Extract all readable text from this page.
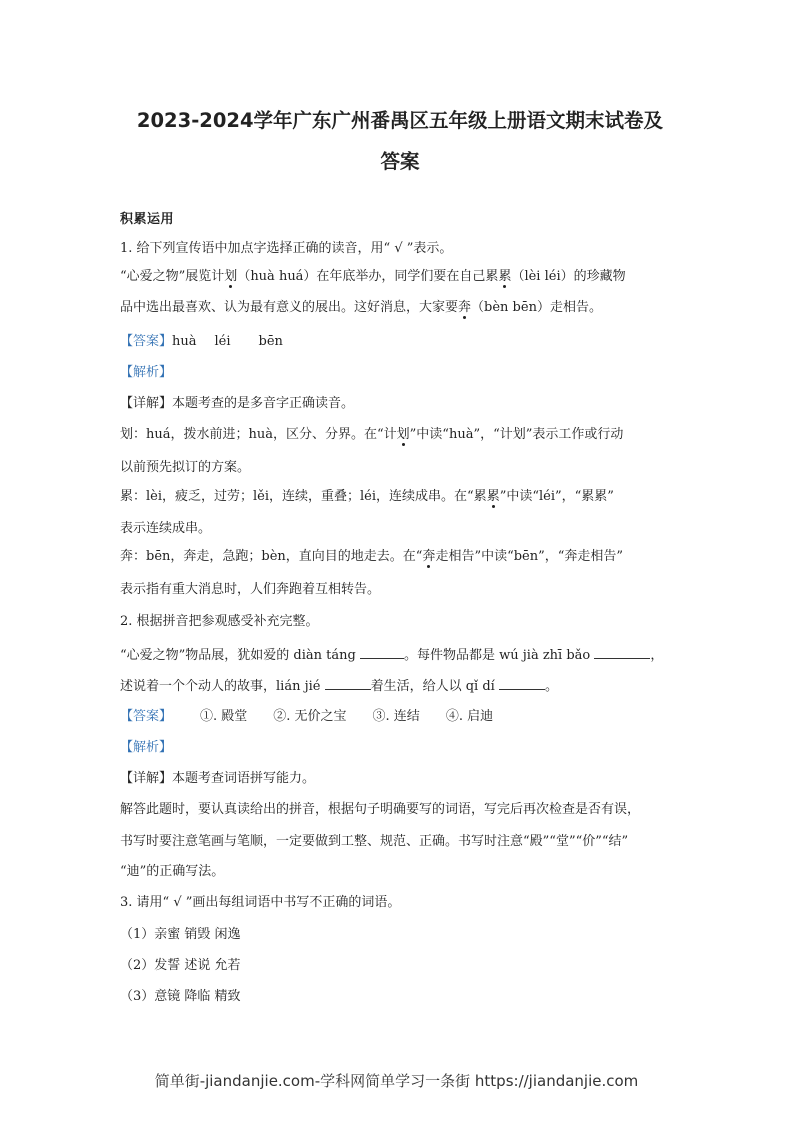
2023-2024学年广东广州番禺区五年级上册语文期末试卷及
答案
积累运用
1. 给下列宣传语中加点字选择正确的读音，用“ √ ”表示。
“心爱之物”展览计划（huà huá）在年底举办，同学们要在自己累累（lèi léi）的珍藏物
品中选出最喜欢、认为最有意义的展出。这好消息，大家要奔（bèn bēn）走相告。
【答案】huà léi bēn
【解析】
【详解】本题考查的是多音字正确读音。
划：huá，拨水前进；huà，区分、分界。在“计划”中读“huà”，“计划”表示工作或行动
以前预先拟订的方案。
累：lèi，疲乏，过劳；lěi，连续，重叠；léi，连续成串。在“累累”中读“léi”，“累累”
表示连续成串。
奔：bēn，奔走，急跑；bèn，直向目的地走去。在“奔走相告”中读“bēn”，“奔走相告”
表示指有重大消息时，人们奔跑着互相转告。
2. 根据拼音把参观感受补充完整。
“心爱之物”物品展，犹如爱的 diàn táng	。每件物品都是 wú jià zhī bǎo	，
述说着一个个动人的故事，lián jié	着生活，给人以 qǐ dí	。
【答案】 ①. 殿堂 ②. 无价之宝 ③. 连结 ④. 启迪
【解析】
【详解】本题考查词语拼写能力。
解答此题时，要认真读给出的拼音，根据句子明确要写的词语，写完后再次检查是否有误，
书写时要注意笔画与笔顺，一定要做到工整、规范、正确。书写时注意“殿”“堂”“价”“结”
“迪”的正确写法。
3. 请用“ √ ”画出每组词语中书写不正确的词语。
（1）亲蜜 销毁 闲逸
（2）发誓 述说 允若
（3）意镜 降临 精致
简单街-jiandanjie.com-学科网简单学习一条街 https://jiandanjie.com
